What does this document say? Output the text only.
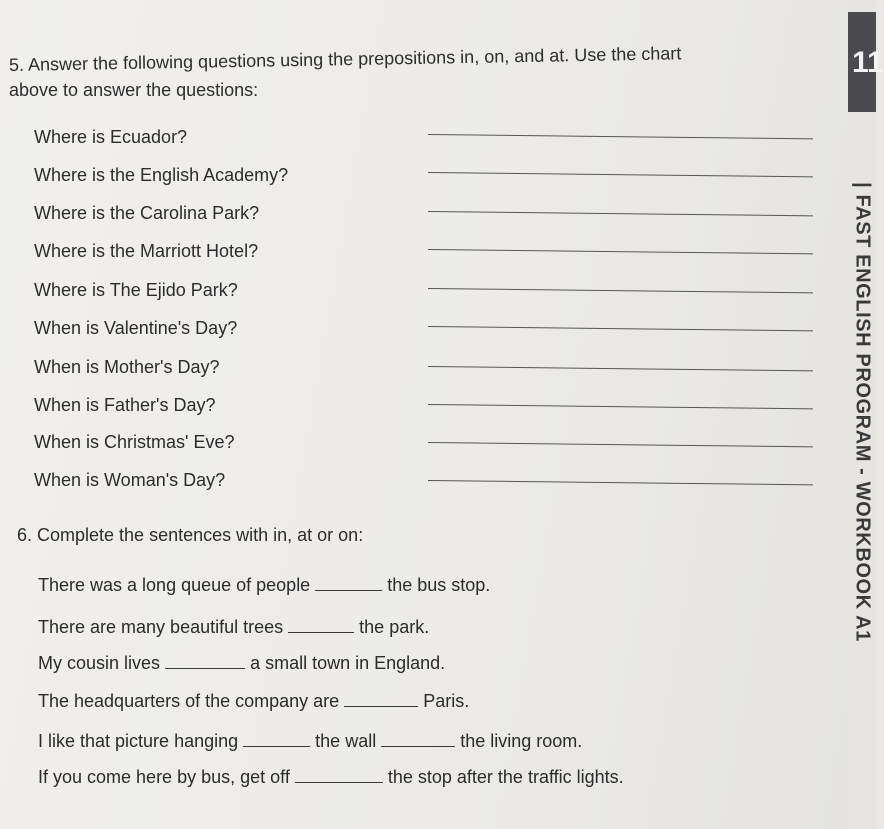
11
| FAST ENGLISH PROGRAM - WORKBOOK A1
5. Answer the following questions using the prepositions in, on, and at. Use the chart
above to answer the questions:
Where is Ecuador?
Where is the English Academy?
Where is the Carolina Park?
Where is the Marriott Hotel?
Where is The Ejido Park?
When is Valentine's Day?
When is Mother's Day?
When is Father's Day?
When is Christmas' Eve?
When is Woman's Day?
6. Complete the sentences with in, at or on:
There was a long queue of people	the bus stop.
There are many beautiful trees	the park.
My cousin lives	a small town in England.
The headquarters of the company are	Paris.
I like that picture hanging	the wall	the living room.
If you come here by bus, get off	the stop after the traffic lights.
